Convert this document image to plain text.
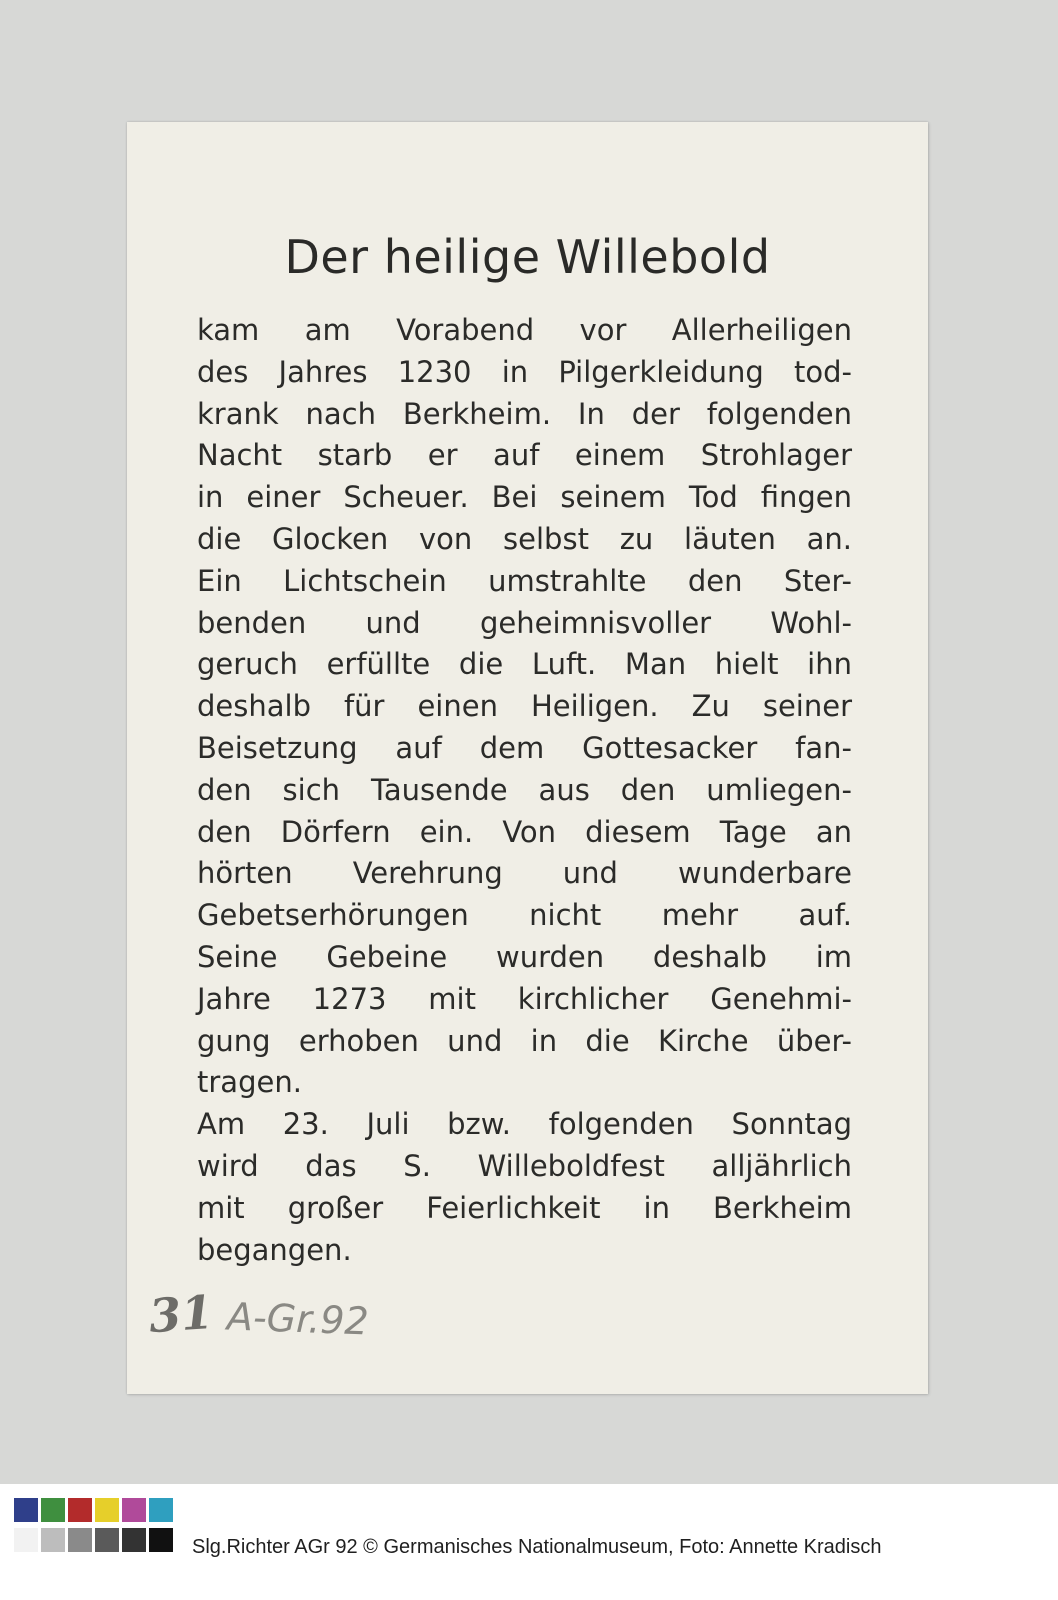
Der heilige Willebold
kam am Vorabend vor Allerheiligen
des Jahres 1230 in Pilgerkleidung tod-
krank nach Berkheim. In der folgenden
Nacht starb er auf einem Strohlager
in einer Scheuer. Bei seinem Tod fingen
die Glocken von selbst zu läuten an.
Ein Lichtschein umstrahlte den Ster-
benden und geheimnisvoller Wohl-
geruch erfüllte die Luft. Man hielt ihn
deshalb für einen Heiligen. Zu seiner
Beisetzung auf dem Gottesacker fan-
den sich Tausende aus den umliegen-
den Dörfern ein. Von diesem Tage an
hörten Verehrung und wunderbare
Gebetserhörungen nicht mehr auf.
Seine Gebeine wurden deshalb im
Jahre 1273 mit kirchlicher Genehmi-
gung erhoben und in die Kirche über-
tragen.
Am 23. Juli bzw. folgenden Sonntag
wird das S. Willeboldfest alljährlich
mit großer Feierlichkeit in Berkheim
begangen.
31 A-Gr.92
Slg.Richter AGr 92 © Germanisches Nationalmuseum, Foto: Annette Kradisch
